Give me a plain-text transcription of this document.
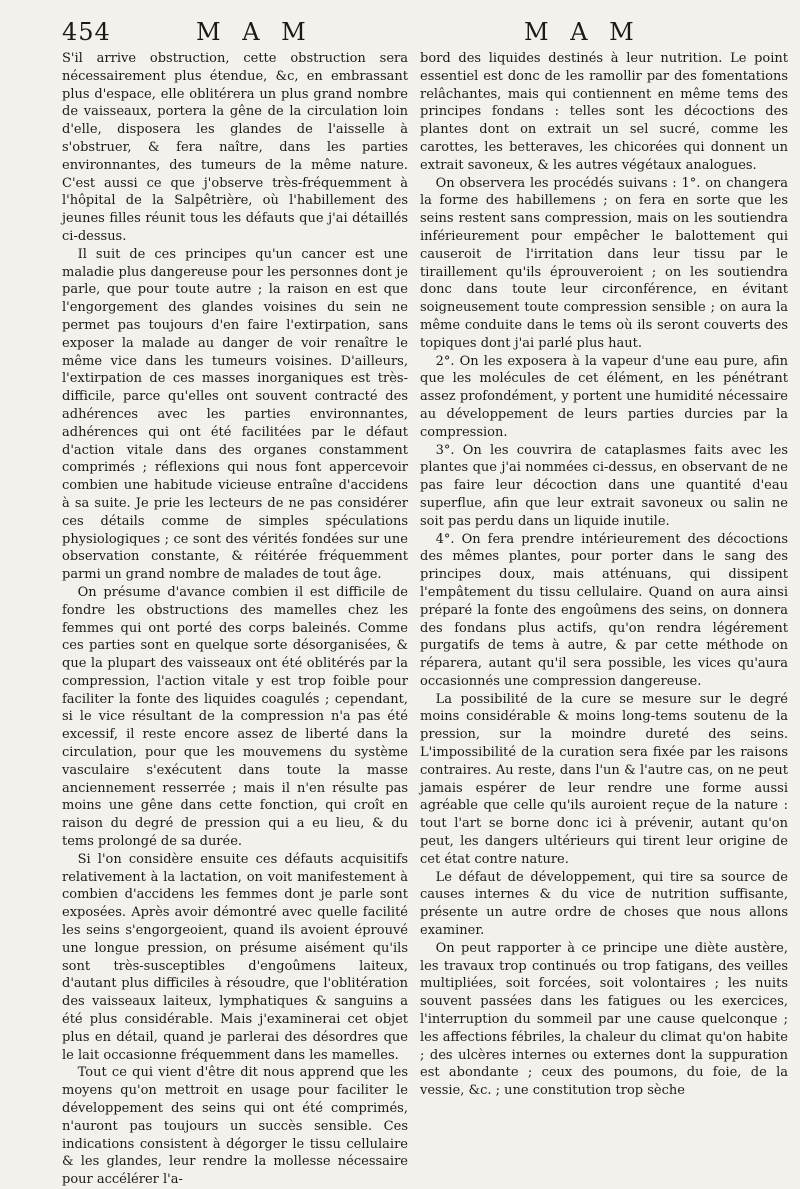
454	M A M	M A M

S'il arrive obstruction, cette obstruction sera nécessairement plus étendue, &c, en embrassant plus d'espace, elle oblitérera un plus grand nombre de vaisseaux, portera la gêne de la circulation loin d'elle, disposera les glandes de l'aisselle à s'obstruer, & fera naître, dans les parties environnantes, des tumeurs de la même nature. C'est aussi ce que j'observe très-fréquemment à l'hôpital de la Salpêtrière, où l'habillement des jeunes filles réunit tous les défauts que j'ai détaillés ci-dessus.

Il suit de ces principes qu'un cancer est une maladie plus dangereuse pour les personnes dont je parle, que pour toute autre ; la raison en est que l'engorgement des glandes voisines du sein ne permet pas toujours d'en faire l'extirpation, sans exposer la malade au danger de voir renaître le même vice dans les tumeurs voisines. D'ailleurs, l'extirpation de ces masses inorganiques est très-difficile, parce qu'elles ont souvent contracté des adhérences avec les parties environnantes, adhérences qui ont été facilitées par le défaut d'action vitale dans des organes constamment comprimés ; réflexions qui nous font appercevoir combien une habitude vicieuse entraîne d'accidens à sa suite. Je prie les lecteurs de ne pas considérer ces détails comme de simples spéculations physiologiques ; ce sont des vérités fondées sur une observation constante, & réitérée fréquemment parmi un grand nombre de malades de tout âge.

On présume d'avance combien il est difficile de fondre les obstructions des mamelles chez les femmes qui ont porté des corps baleinés. Comme ces parties sont en quelque sorte désorganisées, & que la plupart des vaisseaux ont été oblitérés par la compression, l'action vitale y est trop foible pour faciliter la fonte des liquides coagulés ; cependant, si le vice résultant de la compression n'a pas été excessif, il reste encore assez de liberté dans la circulation, pour que les mouvemens du système vasculaire s'exécutent dans toute la masse anciennement resserrée ; mais il n'en résulte pas moins une gêne dans cette fonction, qui croît en raison du degré de pression qui a eu lieu, & du tems prolongé de sa durée.

Si l'on considère ensuite ces défauts acquisitifs relativement à la lactation, on voit manifestement à combien d'accidens les femmes dont je parle sont exposées. Après avoir démontré avec quelle facilité les seins s'engorgeoient, quand ils avoient éprouvé une longue pression, on présume aisément qu'ils sont très-susceptibles d'engoûmens laiteux, d'autant plus difficiles à résoudre, que l'oblitération des vaisseaux laiteux, lymphatiques & sanguins a été plus considérable. Mais j'examinerai cet objet plus en détail, quand je parlerai des désordres que le lait occasionne fréquemment dans les mamelles.

Tout ce qui vient d'être dit nous apprend que les moyens qu'on mettroit en usage pour faciliter le développement des seins qui ont été comprimés, n'auront pas toujours un succès sensible. Ces indications consistent à dégorger le tissu cellulaire & les glandes, leur rendre la mollesse nécessaire pour accélérer l'a-

bord des liquides destinés à leur nutrition. Le point essentiel est donc de les ramollir par des fomentations relâchantes, mais qui contiennent en même tems des principes fondans : telles sont les décoctions des plantes dont on extrait un sel sucré, comme les carottes, les betteraves, les chicorées qui donnent un extrait savoneux, & les autres végétaux analogues.

On observera les procédés suivans : 1°. on changera la forme des habillemens ; on fera en sorte que les seins restent sans compression, mais on les soutiendra inférieurement pour empêcher le balottement qui causeroit de l'irritation dans leur tissu par le tiraillement qu'ils éprouveroient ; on les soutiendra donc dans toute leur circonférence, en évitant soigneusement toute compression sensible ; on aura la même conduite dans le tems où ils seront couverts des topiques dont j'ai parlé plus haut.

2°. On les exposera à la vapeur d'une eau pure, afin que les molécules de cet élément, en les pénétrant assez profondément, y portent une humidité nécessaire au développement de leurs parties durcies par la compression.

3°. On les couvrira de cataplasmes faits avec les plantes que j'ai nommées ci-dessus, en observant de ne pas faire leur décoction dans une quantité d'eau superflue, afin que leur extrait savoneux ou salin ne soit pas perdu dans un liquide inutile.

4°. On fera prendre intérieurement des décoctions des mêmes plantes, pour porter dans le sang des principes doux, mais atténuans, qui dissipent l'empâtement du tissu cellulaire. Quand on aura ainsi préparé la fonte des engoûmens des seins, on donnera des fondans plus actifs, qu'on rendra légérement purgatifs de tems à autre, & par cette méthode on réparera, autant qu'il sera possible, les vices qu'aura occasionnés une compression dangereuse.

La possibilité de la cure se mesure sur le degré moins considérable & moins long-tems soutenu de la pression, sur la moindre dureté des seins. L'impossibilité de la curation sera fixée par les raisons contraires. Au reste, dans l'un & l'autre cas, on ne peut jamais espérer de leur rendre une forme aussi agréable que celle qu'ils auroient reçue de la nature : tout l'art se borne donc ici à prévenir, autant qu'on peut, les dangers ultérieurs qui tirent leur origine de cet état contre nature.

Le défaut de développement, qui tire sa source de causes internes & du vice de nutrition suffisante, présente un autre ordre de choses que nous allons examiner.

On peut rapporter à ce principe une diète austère, les travaux trop continués ou trop fatigans, des veilles multipliées, soit forcées, soit volontaires ; les nuits souvent passées dans les fatigues ou les exercices, l'interruption du sommeil par une cause quelconque ; les affections fébriles, la chaleur du climat qu'on habite ; des ulcères internes ou externes dont la suppuration est abondante ; ceux des poumons, du foie, de la vessie, &c. ; une constitution trop sèche
